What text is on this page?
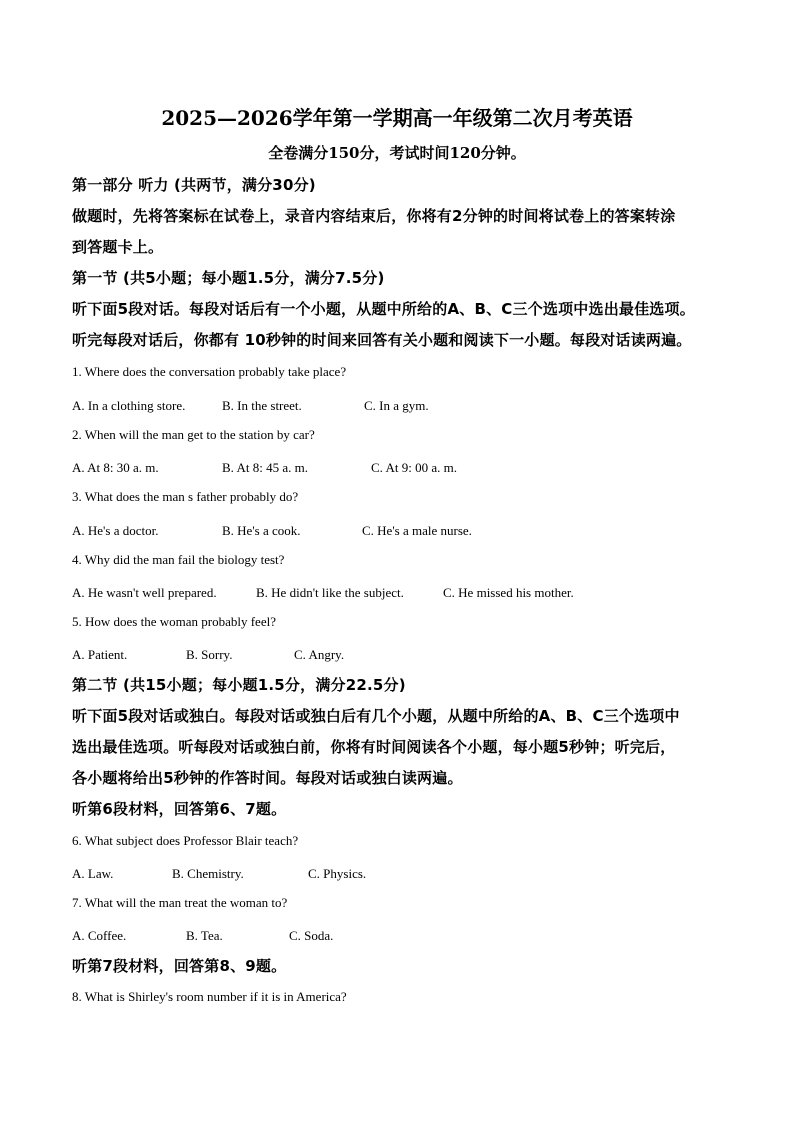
2025—2026学年第一学期高一年级第二次月考英语
全卷满分150分，考试时间120分钟。
第一部分 听力 (共两节，满分30分)
做题时，先将答案标在试卷上，录音内容结束后，你将有2分钟的时间将试卷上的答案转涂
到答题卡上。
第一节 (共5小题；每小题1.5分，满分7.5分)
听下面5段对话。每段对话后有一个小题，从题中所给的A、B、C三个选项中选出最佳选项。
听完每段对话后，你都有 10秒钟的时间来回答有关小题和阅读下一小题。每段对话读两遍。
1. Where does the conversation probably take place?
A. In a clothing store.	B. In the street.	C. In a gym.
2. When will the man get to the station by car?
A. At 8: 30 a. m.	B. At 8: 45 a. m.	C. At 9: 00 a. m.
3. What does the man s father probably do?
A. He's a doctor.	B. He's a cook.	C. He's a male nurse.
4. Why did the man fail the biology test?
A. He wasn't well prepared.	B. He didn't like the subject.	C. He missed his mother.
5. How does the woman probably feel?
A. Patient.	B. Sorry.	C. Angry.
第二节 (共15小题；每小题1.5分，满分22.5分)
听下面5段对话或独白。每段对话或独白后有几个小题，从题中所给的A、B、C三个选项中
选出最佳选项。听每段对话或独白前，你将有时间阅读各个小题，每小题5秒钟；听完后，
各小题将给出5秒钟的作答时间。每段对话或独白读两遍。
听第6段材料，回答第6、7题。
6. What subject does Professor Blair teach?
A. Law.	B. Chemistry.	C. Physics.
7. What will the man treat the woman to?
A. Coffee.	B. Tea.	C. Soda.
听第7段材料，回答第8、9题。
8. What is Shirley's room number if it is in America?
